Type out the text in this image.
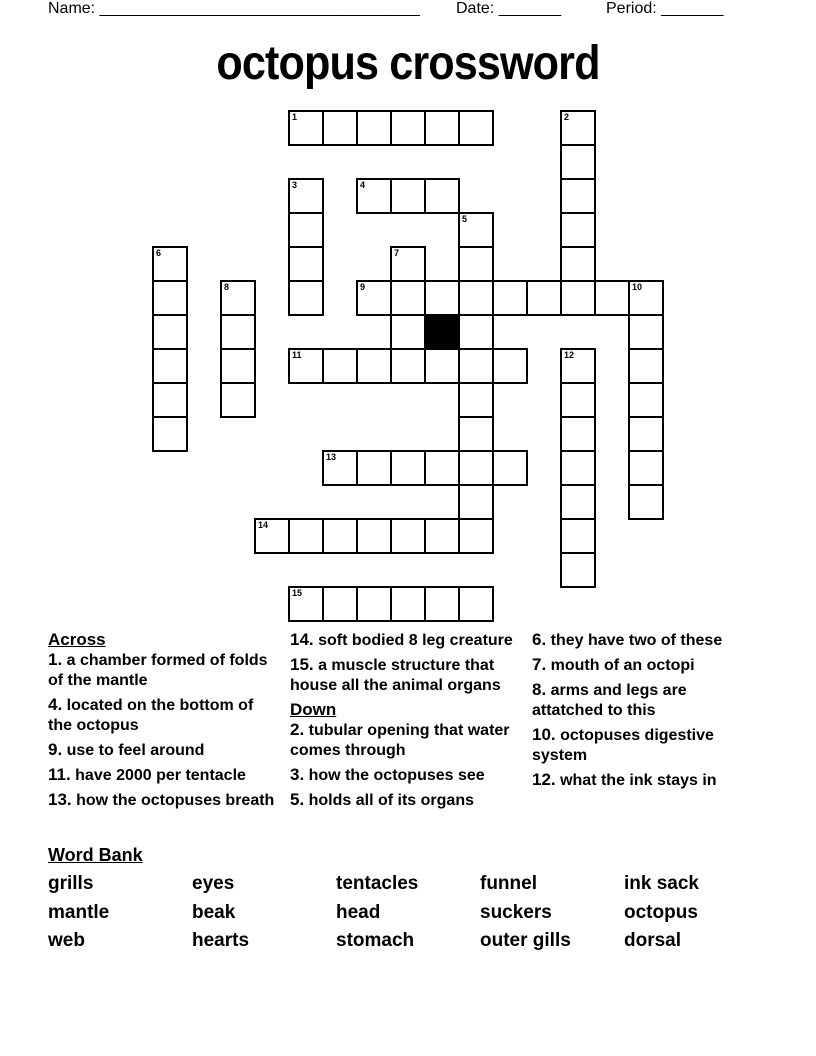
Name: ____________________________________ Date: _______	Period: _______
octopus crossword
1	2
3	4
5
6	7
8	9	10
11	12
13
14
15

Across

1. a chamber formed of folds of the mantle

4. located on the bottom of the octopus

9. use to feel around

11. have 2000 per tentacle

13. how the octopuses breath

14. soft bodied 8 leg creature

15. a muscle structure that house all the animal organs

Down

2. tubular opening that water comes through

3. how the octopuses see

5. holds all of its organs

6. they have two of these

7. mouth of an octopi

8. arms and legs are attatched to this

10. octopuses digestive system

12. what the ink stays in

Word Bank
grills	eyes	tentacles	funnel	ink sack
mantle	beak	head	suckers	octopus
web	hearts	stomach	outer gills	dorsal
